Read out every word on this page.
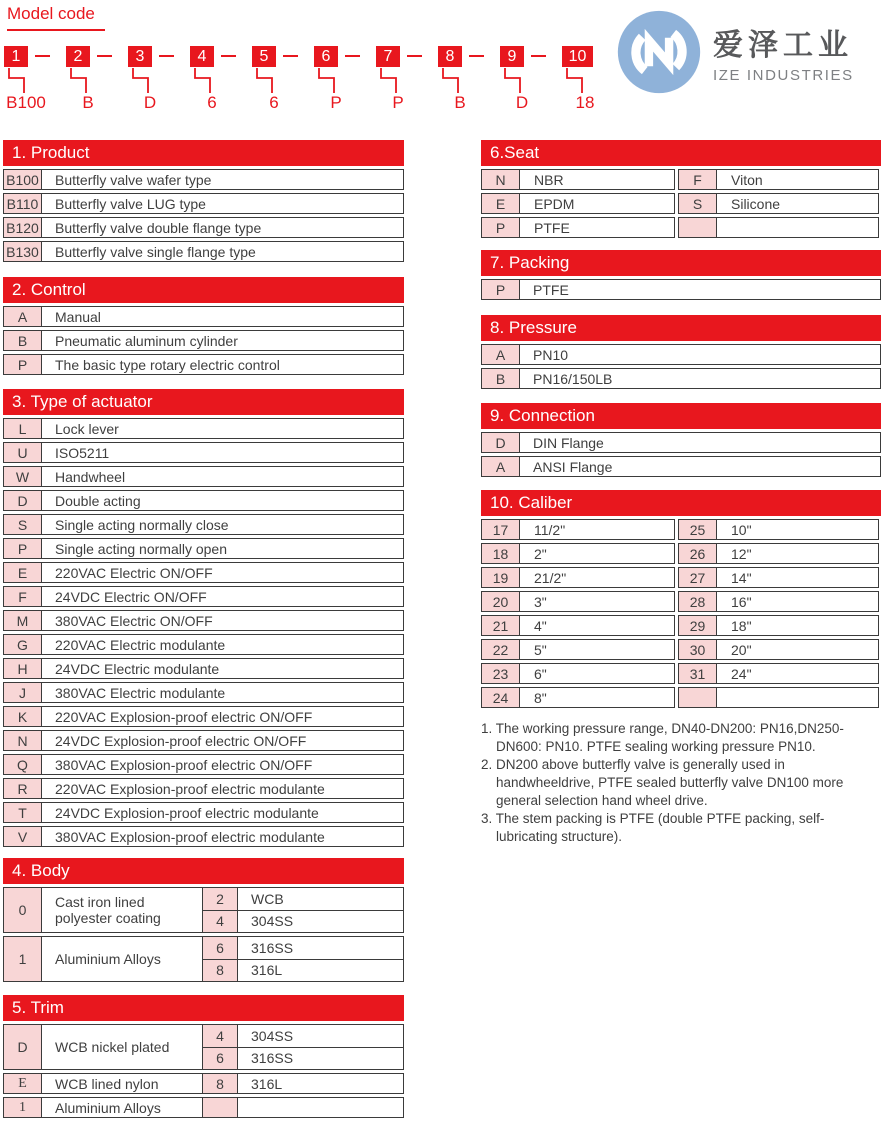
Model code
1
B100
2
B
3
D
4
6
5
6
6
P
7
P
8
B
9
D
10
18
爱泽工业
IZE INDUSTRIES
1. Product
B100	Butterfly valve wafer type
B110	Butterfly valve LUG type
B120	Butterfly valve double flange type
B130	Butterfly valve single flange type
2. Control
A	Manual
B	Pneumatic aluminum cylinder
P	The basic type rotary electric control
3. Type of actuator
L	Lock lever
U	ISO5211
W	Handwheel
D	Double acting
S	Single acting normally close
P	Single acting normally open
E	220VAC Electric ON/OFF
F	24VDC Electric ON/OFF
M	380VAC Electric ON/OFF
G	220VAC Electric modulante
H	24VDC Electric modulante
J	380VAC Electric modulante
K	220VAC Explosion-proof electric ON/OFF
N	24VDC Explosion-proof electric ON/OFF
Q	380VAC Explosion-proof electric ON/OFF
R	220VAC Explosion-proof electric modulante
T	24VDC Explosion-proof electric modulante
V	380VAC Explosion-proof electric modulante
4. Body
0	Cast iron lined polyester coating
2	WCB
4	304SS
1	Aluminium Alloys
6	316SS
8	316L
5. Trim
D	WCB nickel plated
4	304SS
6	316SS
E	WCB lined nylon	8	316L
1	Aluminium Alloys
6.Seat
N	NBR	F	Viton
E	EPDM	S	Silicone
P	PTFE
7. Packing
P	PTFE
8. Pressure
A	PN10
B	PN16/150LB
9. Connection
D	DIN Flange
A	ANSI Flange
10. Caliber
17	11/2"	25	10"
18	2"	26	12"
19	21/2"	27	14"
20	3"	28	16"
21	4"	29	18"
22	5"	30	20"
23	6"	31	24"
24	8"

1. The working pressure range, DN40-DN200: PN16,DN250-DN600: PN10. PTFE sealing working pressure PN10.

2. DN200 above butterfly valve is generally used in handwheeldrive, PTFE sealed butterfly valve DN100 more general selection hand wheel drive.

3. The stem packing is PTFE (double PTFE packing, self-lubricating structure).
